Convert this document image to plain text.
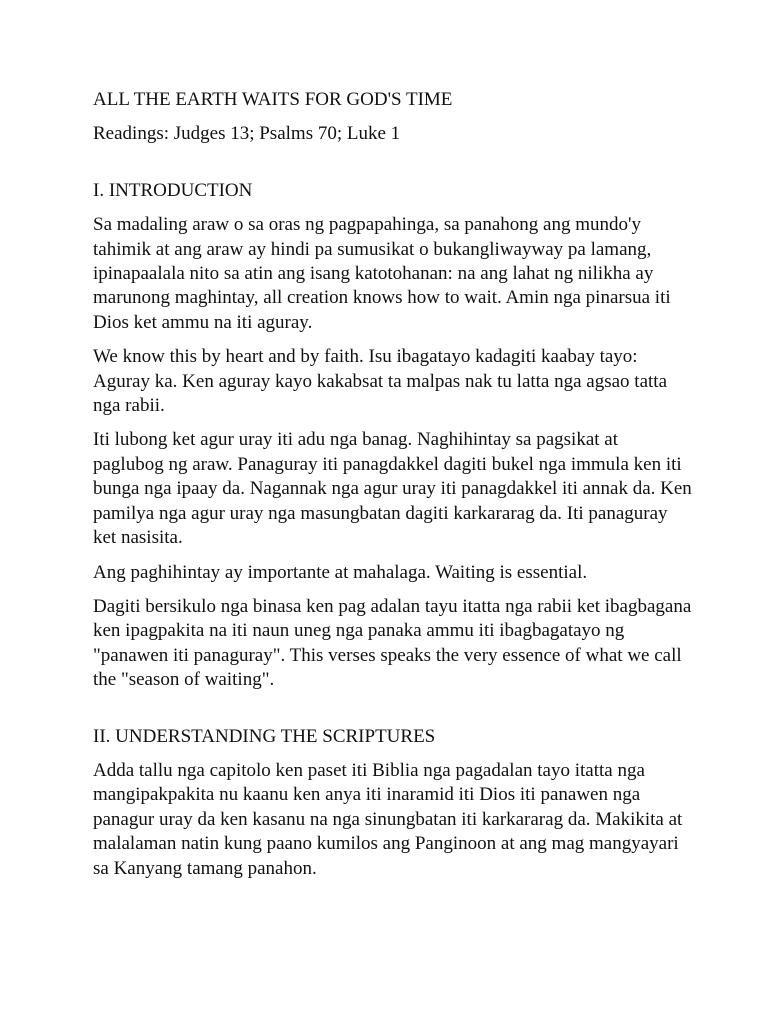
ALL THE EARTH WAITS FOR GOD'S TIME

Readings: Judges 13; Psalms 70; Luke 1

I. INTRODUCTION

Sa madaling araw o sa oras ng pagpapahinga, sa panahong ang mundo'y tahimik at ang araw ay hindi pa sumusikat o bukangliwayway pa lamang, ipinapaalala nito sa atin ang isang katotohanan: na ang lahat ng nilikha ay marunong maghintay, all creation knows how to wait. Amin nga pinarsua iti Dios ket ammu na iti aguray.

We know this by heart and by faith. Isu ibagatayo kadagiti kaabay tayo: Aguray ka. Ken aguray kayo kakabsat ta malpas nak tu latta nga agsao tatta nga rabii.

Iti lubong ket agur uray iti adu nga banag. Naghihintay sa pagsikat at paglubog ng araw. Panaguray iti panagdakkel dagiti bukel nga immula ken iti bunga nga ipaay da. Nagannak nga agur uray iti panagdakkel iti annak da. Ken pamilya nga agur uray nga masungbatan dagiti karkararag da. Iti panaguray ket nasisita.

Ang paghihintay ay importante at mahalaga. Waiting is essential.

Dagiti bersikulo nga binasa ken pag adalan tayu itatta nga rabii ket ibagbagana ken ipagpakita na iti naun uneg nga panaka ammu iti ibagbagatayo ng "panawen iti panaguray". This verses speaks the very essence of what we call the "season of waiting".

II. UNDERSTANDING THE SCRIPTURES

Adda tallu nga capitolo ken paset iti Biblia nga pagadalan tayo itatta nga mangipakpakita nu kaanu ken anya iti inaramid iti Dios iti panawen nga panagur uray da ken kasanu na nga sinungbatan iti karkararag da. Makikita at malalaman natin kung paano kumilos ang Panginoon at ang mag mangyayari sa Kanyang tamang panahon.
